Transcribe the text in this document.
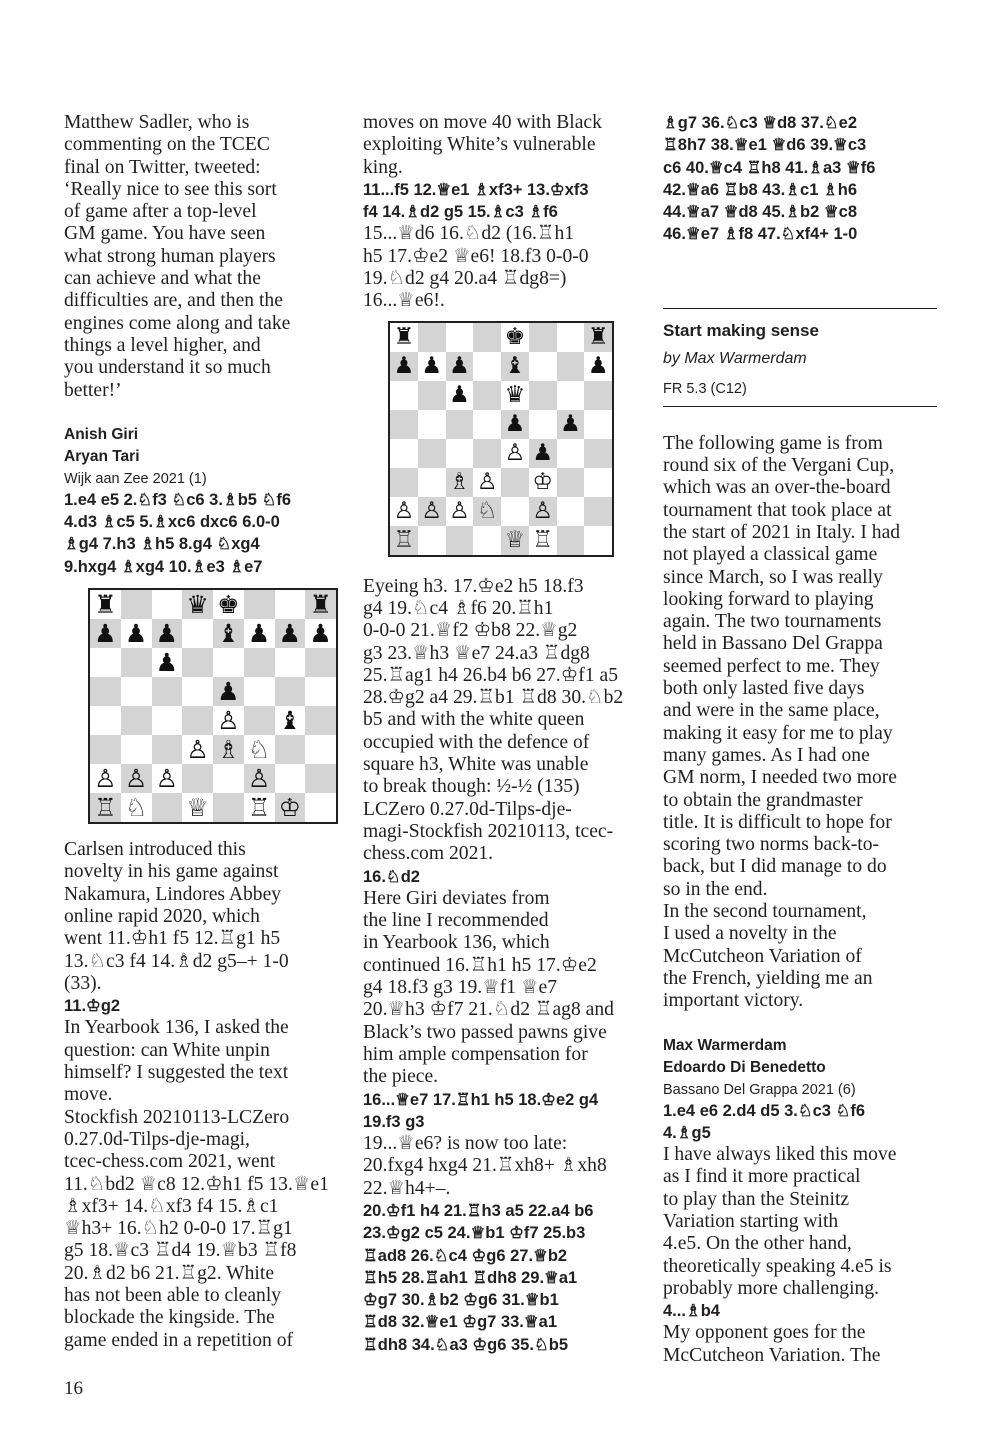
Matthew Sadler, who is
commenting on the TCEC
final on Twitter, tweeted:
‘Really nice to see this sort
of game after a top-level
GM game. You have seen
what strong human players
can achieve and what the
difficulties are, and then the
engines come along and take
things a level higher, and
you understand it so much
better!’

Anish Giri

Aryan Tari

Wijk aan Zee 2021 (1)

1.e4 e5 2.♘f3 ♘c6 3.♗b5 ♘f6
4.d3 ♗c5 5.♗xc6 dxc6 6.0-0
♗g4 7.h3 ♗h5 8.g4 ♘xg4
9.hxg4 ♗xg4 10.♗e3 ♗e7

♜	♛ ♚	♜
♟ ♟ ♟ ♝ ♟ ♟ ♟
♟
♟
♙ ♝
♙ ♗ ♘
♙ ♙ ♙	♙
♖ ♘ ♕ ♖ ♔

Carlsen introduced this
novelty in his game against
Nakamura, Lindores Abbey
online rapid 2020, which
went 11.♔h1 f5 12.♖g1 h5
13.♘c3 f4 14.♗d2 g5–+ 1-0
(33).

11.♔g2

In Yearbook 136, I asked the
question: can White unpin
himself? I suggested the text
move.
Stockfish 20210113-LCZero
0.27.0d-Tilps-dje-magi,
tcec-chess.com 2021, went
11.♘bd2 ♕c8 12.♔h1 f5 13.♕e1
♗xf3+ 14.♘xf3 f4 15.♗c1
♕h3+ 16.♘h2 0-0-0 17.♖g1
g5 18.♕c3 ♖d4 19.♕b3 ♖f8
20.♗d2 b6 21.♖g2. White
has not been able to cleanly
blockade the kingside. The
game ended in a repetition of

moves on move 40 with Black
exploiting White’s vulnerable
king.

11...f5 12.♕e1 ♗xf3+ 13.♔xf3
f4 14.♗d2 g5 15.♗c3 ♗f6

15...♕d6 16.♘d2 (16.♖h1
h5 17.♔e2 ♕e6! 18.f3 0-0-0
19.♘d2 g4 20.a4 ♖dg8=)
16...♕e6!.

♜	♚	♜
♟ ♟ ♟ ♝	♟
♟ ♛
♟ ♟
♙ ♟
♗ ♙ ♔
♙ ♙ ♙ ♘ ♙
♖	♕ ♖

Eyeing h3. 17.♔e2 h5 18.f3
g4 19.♘c4 ♗f6 20.♖h1
0-0-0 21.♕f2 ♔b8 22.♕g2
g3 23.♕h3 ♕e7 24.a3 ♖dg8
25.♖ag1 h4 26.b4 b6 27.♔f1 a5
28.♔g2 a4 29.♖b1 ♖d8 30.♘b2
b5 and with the white queen
occupied with the defence of
square h3, White was unable
to break though: ½-½ (135)
LCZero 0.27.0d-Tilps-dje-
magi-Stockfish 20210113, tcec-
chess.com 2021.

16.♘d2

Here Giri deviates from
the line I recommended
in Yearbook 136, which
continued 16.♖h1 h5 17.♔e2
g4 18.f3 g3 19.♕f1 ♕e7
20.♕h3 ♔f7 21.♘d2 ♖ag8 and
Black’s two passed pawns give
him ample compensation for
the piece.

16...♕e7 17.♖h1 h5 18.♔e2 g4
19.f3 g3

19...♕e6? is now too late:
20.fxg4 hxg4 21.♖xh8+ ♗xh8
22.♕h4+–.

20.♔f1 h4 21.♖h3 a5 22.a4 b6
23.♔g2 c5 24.♕b1 ♔f7 25.b3
♖ad8 26.♘c4 ♔g6 27.♕b2
♖h5 28.♖ah1 ♖dh8 29.♕a1
♔g7 30.♗b2 ♔g6 31.♕b1
♖d8 32.♕e1 ♔g7 33.♕a1
♖dh8 34.♘a3 ♔g6 35.♘b5

♗g7 36.♘c3 ♕d8 37.♘e2
♖8h7 38.♕e1 ♕d6 39.♕c3
c6 40.♕c4 ♖h8 41.♗a3 ♕f6
42.♕a6 ♖b8 43.♗c1 ♗h6
44.♕a7 ♕d8 45.♗b2 ♕c8
46.♕e7 ♗f8 47.♘xf4+ 1-0

Start making sense

by Max Warmerdam

FR 5.3 (C12)

The following game is from
round six of the Vergani Cup,
which was an over-the-board
tournament that took place at
the start of 2021 in Italy. I had
not played a classical game
since March, so I was really
looking forward to playing
again. The two tournaments
held in Bassano Del Grappa
seemed perfect to me. They
both only lasted five days
and were in the same place,
making it easy for me to play
many games. As I had one
GM norm, I needed two more
to obtain the grandmaster
title. It is difficult to hope for
scoring two norms back-to-
back, but I did manage to do
so in the end.
In the second tournament,
I used a novelty in the
McCutcheon Variation of
the French, yielding me an
important victory.

Max Warmerdam

Edoardo Di Benedetto

Bassano Del Grappa 2021 (6)

1.e4 e6 2.d4 d5 3.♘c3 ♘f6
4.♗g5

I have always liked this move
as I find it more practical
to play than the Steinitz
Variation starting with
4.e5. On the other hand,
theoretically speaking 4.e5 is
probably more challenging.

4...♗b4

My opponent goes for the
McCutcheon Variation. The

16
